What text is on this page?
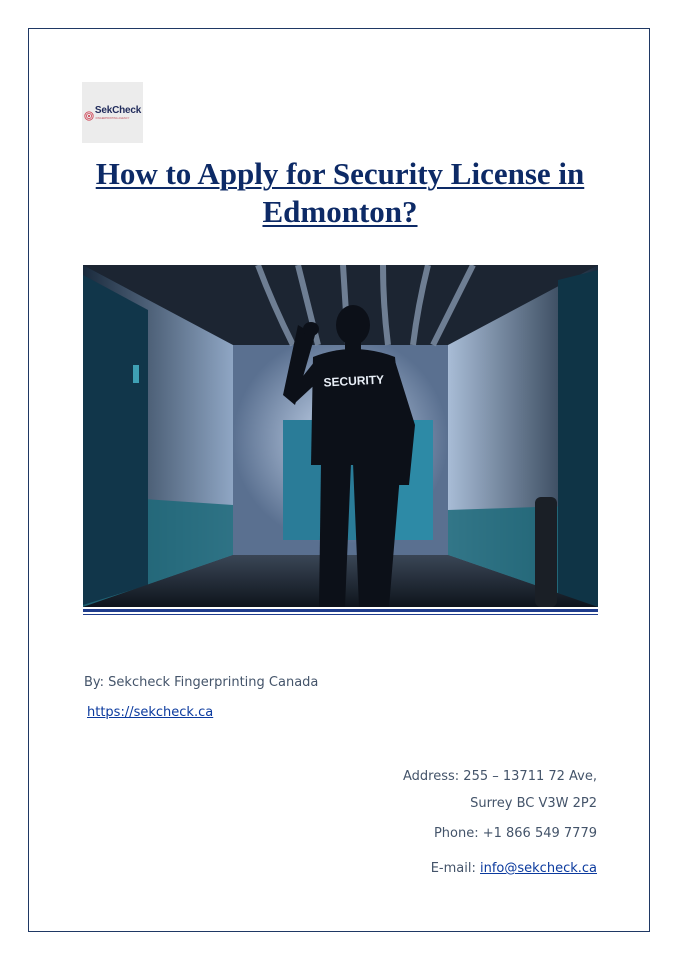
SekCheck
FINGERPRINTING AGENCY
How to Apply for Security License in Edmonton?
SECURITY
By: Sekcheck Fingerprinting Canada
https://sekcheck.ca
Address: 255 – 13711 72 Ave,
Surrey BC V3W 2P2
Phone: +1 866 549 7779
E-mail: info@sekcheck.ca
